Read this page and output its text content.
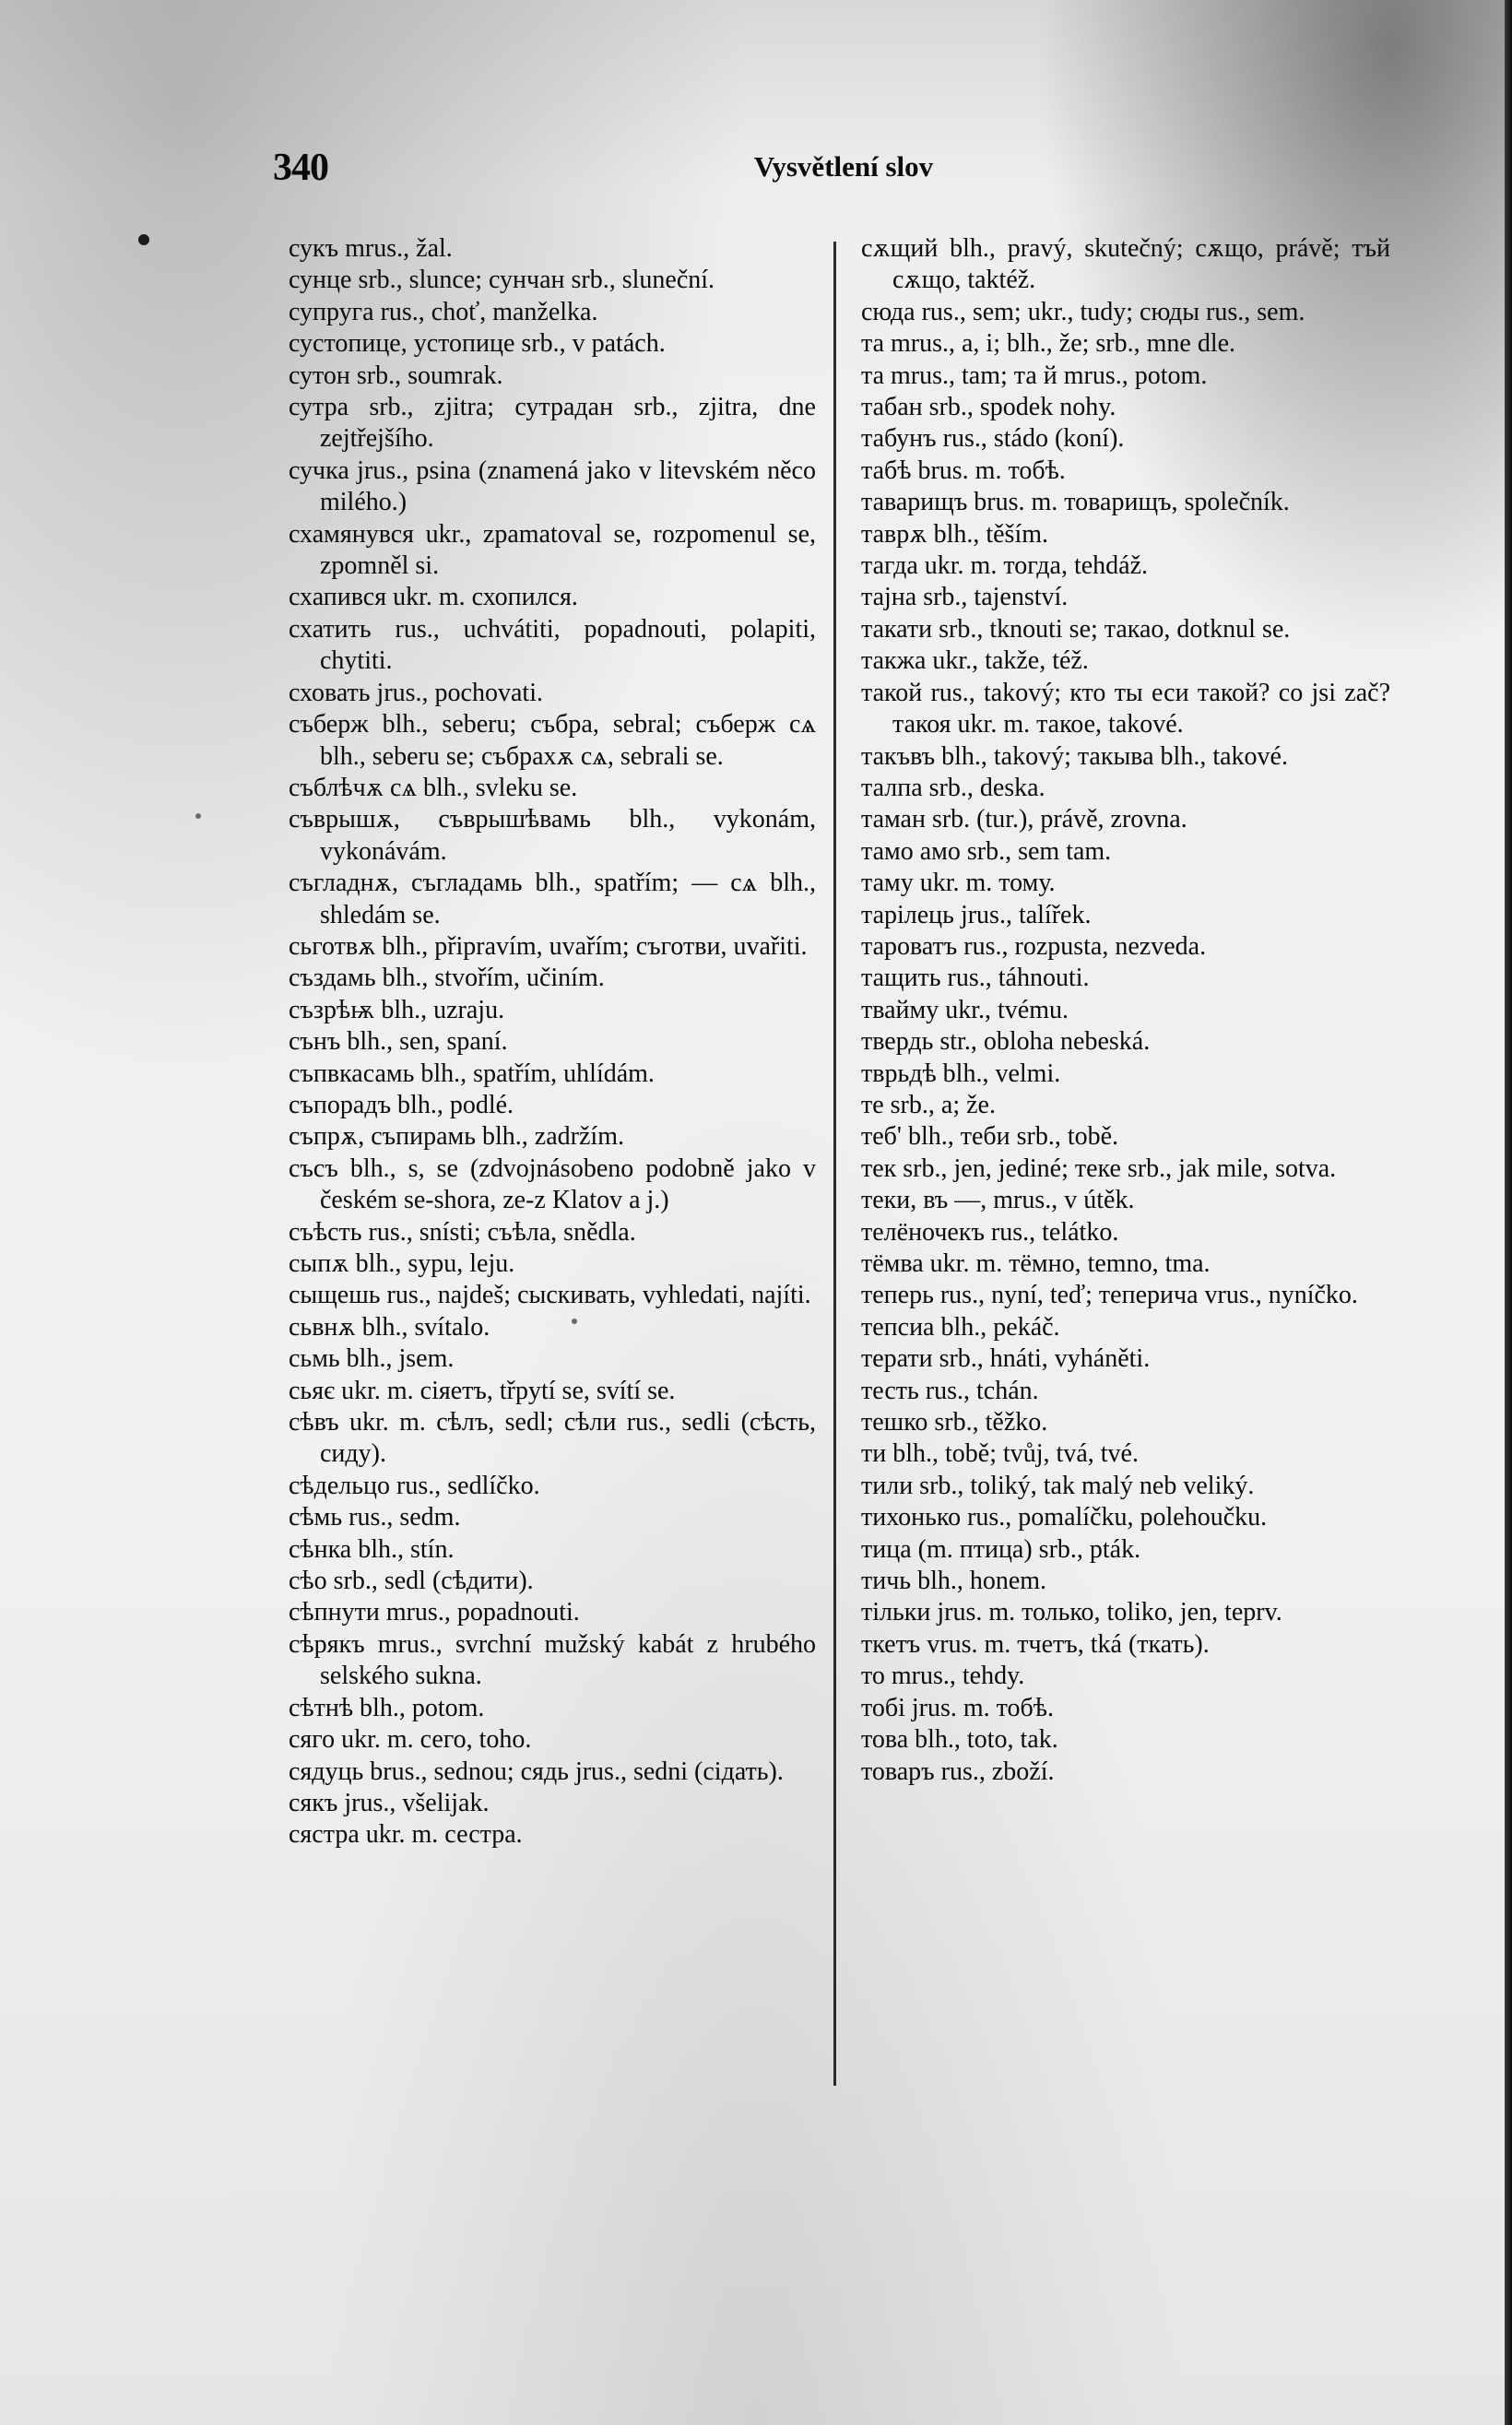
340	Vysvětlení slov
сукъ mrus., žal.
сунце srb., slunce; сунчан srb., sluneční.
супруга rus., choť, manželka.
сустопице, устопице srb., v patách.
сутон srb., soumrak.
сутра srb., zjitra; сутрадан srb., zjitra, dne zejtřejšího.
сучка jrus., psina (znamená jako v litevském něco milého.)
схамянувся ukr., zpamatoval se, rozpomenul se, zpomněl si.
схапився ukr. m. схопился.
схатить rus., uchvátiti, popadnouti, polapiti, chytiti.
сховать jrus., pochovati.
съберж blh., seberu; събра, sebral; съберж сѧ blh., seberu se; събрахѫ сѧ, sebrali se.
съблѣчѫ сѧ blh., svleku se.
съврышѫ, съврышѣвамь blh., vykonám, vykonávám.
съгладнѫ, съгладамь blh., spatřím; — сѧ blh., shledám se.
сьготвѫ blh., připravím, uvařím; съготви, uvařiti.
създамь blh., stvořím, učiním.
съзрѣѭ blh., uzraju.
сънъ blh., sen, spaní.
съпвкасамь blh., spatřím, uhlídám.
съпорадъ blh., podlé.
съпрѫ, съпирамь blh., zadržím.
съсъ blh., s, se (zdvojnásobeno podobně jako v českém se-shora, ze-z Klatov a j.)
съѣсть rus., snísti; съѣла, snědla.
сыпѫ blh., sypu, leju.
сыщешь rus., najdeš; сыскивать, vyhledati, najíti.
сьвнѫ blh., svítalo.
сьмь blh., jsem.
сьяє ukr. m. сіяетъ, třpytí se, svítí se.
сѣвъ ukr. m. сѣлъ, sedl; сѣли rus., sedli (сѣсть, сиду).
сѣдельцо rus., sedlíčko.
сѣмь rus., sedm.
сѣнка blh., stín.
сѣо srb., sedl (сѣдити).
сѣпнути mrus., popadnouti.
сѣрякъ mrus., svrchní mužský kabát z hrubého selského sukna.
сѣтнѣ blh., potom.
сяго ukr. m. сего, toho.
сядуць brus., sednou; сядь jrus., sedni (сідать).
сякъ jrus., všelijak.
сястра ukr. m. сестра.
сѫщий blh., pravý, skutečný; сѫщо, právě; тъй сѫщо, taktéž.
сюда rus., sem; ukr., tudy; сюды rus., sem.
та mrus., a, i; blh., že; srb., mne dle.
та mrus., tam; та й mrus., potom.
табан srb., spodek nohy.
табунъ rus., stádo (koní).
табѣ brus. m. тобѣ.
таварищъ brus. m. товарищъ, společník.
таврѫ blh., těším.
тагда ukr. m. тогда, tehdáž.
тајна srb., tajenství.
такати srb., tknouti se; такао, dotknul se.
такжа ukr., takže, též.
такой rus., takový; кто ты еси такой? co jsi zač? такоя ukr. m. такое, takové.
такъвъ blh., takový; такыва blh., takové.
талпа srb., deska.
таман srb. (tur.), právě, zrovna.
тамо амо srb., sem tam.
таму ukr. m. тому.
тарілець jrus., talířek.
тароватъ rus., rozpusta, nezveda.
тащить rus., táhnouti.
твайму ukr., tvému.
твердь str., obloha nebeská.
тврьдѣ blh., velmi.
те srb., a; že.
теб' blh., теби srb., tobě.
тек srb., jen, jediné; теке srb., jak mile, sotva.
теки, въ —, mrus., v útěk.
телёночекъ rus., telátko.
тёмва ukr. m. тёмно, temno, tma.
теперь rus., nyní, teď; теперича vrus., nyníčko.
тепсиа blh., pekáč.
терати srb., hnáti, vyháněti.
тесть rus., tchán.
тешко srb., těžko.
ти blh., tobě; tvůj, tvá, tvé.
тили srb., toliký, tak malý neb veliký.
тихонько rus., pomalíčku, polehoučku.
тица (m. птица) srb., pták.
тичь blh., honem.
тільки jrus. m. только, toliko, jen, teprv.
ткетъ vrus. m. тчетъ, tká (ткать).
то mrus., tehdy.
тобі jrus. m. тобѣ.
това blh., toto, tak.
товаръ rus., zboží.
